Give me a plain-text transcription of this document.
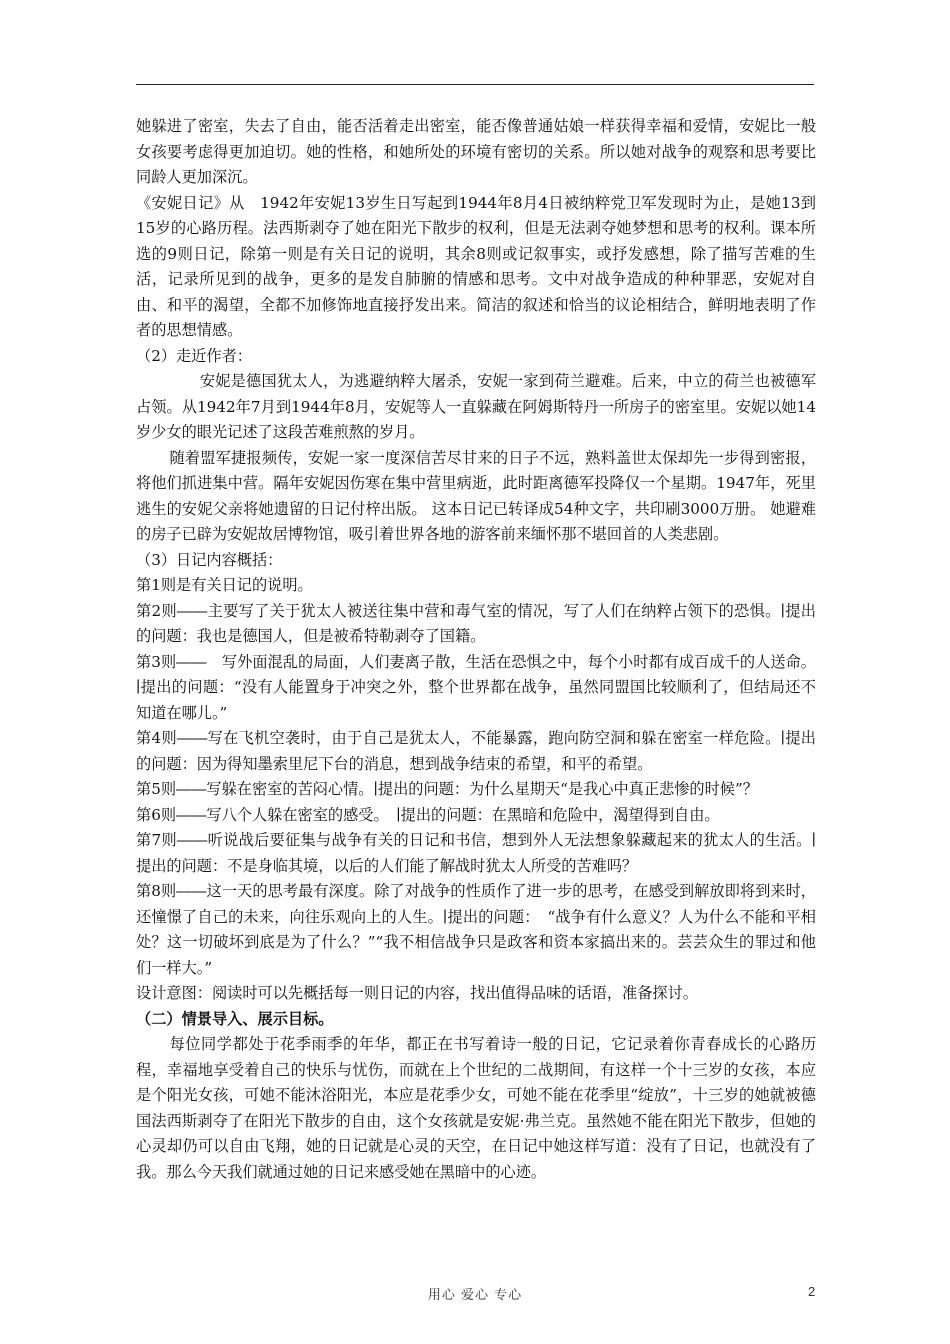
她躲进了密室，失去了自由，能否活着走出密室，能否像普通姑娘一样获得幸福和爱情，安妮比一般女孩要考虑得更加迫切。她的性格，和她所处的环境有密切的关系。所以她对战争的观察和思考要比同龄人更加深沉。

《安妮日记》从　1942年安妮13岁生日写起到1944年8月4日被纳粹党卫军发现时为止，是她13到15岁的心路历程。法西斯剥夺了她在阳光下散步的权利，但是无法剥夺她梦想和思考的权利。课本所选的9则日记，除第一则是有关日记的说明，其余8则或记叙事实，或抒发感想，除了描写苦难的生活，记录所见到的战争，更多的是发自肺腑的情感和思考。文中对战争造成的种种罪恶，安妮对自由、和平的渴望，全都不加修饰地直接抒发出来。简洁的叙述和恰当的议论相结合，鲜明地表明了作者的思想情感。

（2）走近作者：

安妮是德国犹太人，为逃避纳粹大屠杀，安妮一家到荷兰避难。后来，中立的荷兰也被德军占领。从1942年7月到1944年8月，安妮等人一直躲藏在阿姆斯特丹一所房子的密室里。安妮以她14岁少女的眼光记述了这段苦难煎熬的岁月。

随着盟军捷报频传，安妮一家一度深信苦尽甘来的日子不远，熟料盖世太保却先一步得到密报，将他们抓进集中营。隔年安妮因伤寒在集中营里病逝，此时距离德军投降仅一个星期。1947年，死里逃生的安妮父亲将她遗留的日记付梓出版。 这本日记已转译成54种文字，共印刷3000万册。 她避难的房子已辟为安妮故居博物馆，吸引着世界各地的游客前来缅怀那不堪回首的人类悲剧。

（3）日记内容概括：

第1则是有关日记的说明。

第2则――主要写了关于犹太人被送往集中营和毒气室的情况，写了人们在纳粹占领下的恐惧。∣提出的问题：我也是德国人，但是被希特勒剥夺了国籍。

第3则――　写外面混乱的局面，人们妻离子散，生活在恐惧之中，每个小时都有成百成千的人送命。∣提出的问题：“没有人能置身于冲突之外，整个世界都在战争，虽然同盟国比较顺利了，但结局还不知道在哪儿。”

第4则――写在飞机空袭时，由于自己是犹太人，不能暴露，跑向防空洞和躲在密室一样危险。∣提出的问题：因为得知墨索里尼下台的消息，想到战争结束的希望，和平的希望。

第5则――写躲在密室的苦闷心情。∣提出的问题：为什么星期天“是我心中真正悲惨的时候”？

第6则――写八个人躲在密室的感受。　∣提出的问题：在黑暗和危险中，渴望得到自由。

第7则――听说战后要征集与战争有关的日记和书信，想到外人无法想象躲藏起来的犹太人的生活。∣提出的问题：不是身临其境，以后的人们能了解战时犹太人所受的苦难吗？

第8则――这一天的思考最有深度。除了对战争的性质作了进一步的思考，在感受到解放即将到来时，还憧憬了自己的未来，向往乐观向上的人生。∣提出的问题：　“战争有什么意义？人为什么不能和平相处？这一切破坏到底是为了什么？”“我不相信战争只是政客和资本家搞出来的。芸芸众生的罪过和他们一样大。”

设计意图：阅读时可以先概括每一则日记的内容，找出值得品味的话语，准备探讨。

（二）情景导入、展示目标。

每位同学都处于花季雨季的年华，都正在书写着诗一般的日记，它记录着你青春成长的心路历程，幸福地享受着自己的快乐与忧伤，而就在上个世纪的二战期间，有这样一个十三岁的女孩，本应是个阳光女孩，可她不能沐浴阳光，本应是花季少女，可她不能在花季里“绽放”，十三岁的她就被德国法西斯剥夺了在阳光下散步的自由，这个女孩就是安妮·弗兰克。虽然她不能在阳光下散步，但她的心灵却仍可以自由飞翔，她的日记就是心灵的天空，在日记中她这样写道：没有了日记，也就没有了我。那么今天我们就通过她的日记来感受她在黑暗中的心迹。

用心 爱心 专心	2
